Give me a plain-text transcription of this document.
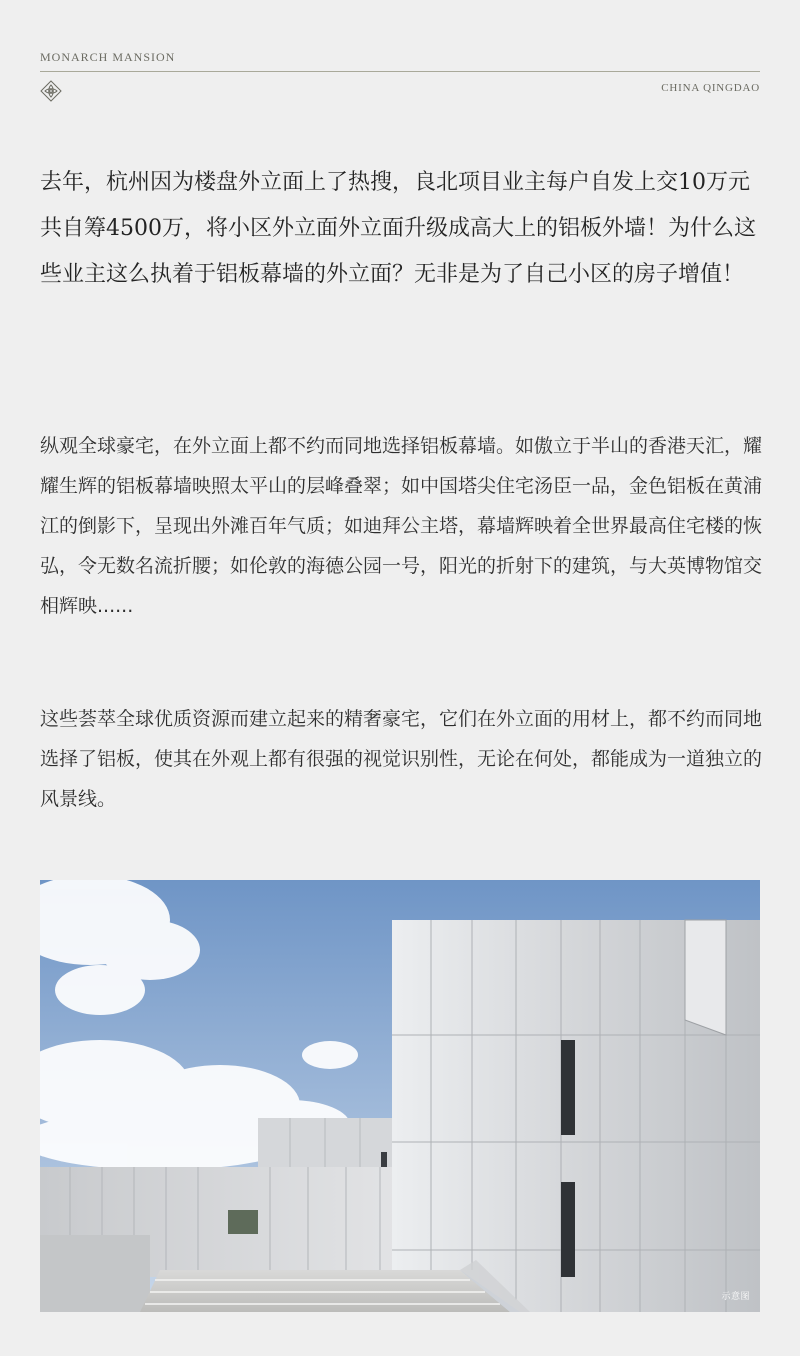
MONARCH MANSION
CHINA QINGDAO

去年，杭州因为楼盘外立面上了热搜，良北项目业主每户自发上交10万元共自筹4500万，将小区外立面外立面升级成高大上的铝板外墙！为什么这些业主这么执着于铝板幕墙的外立面？无非是为了自己小区的房子增值！

纵观全球豪宅，在外立面上都不约而同地选择铝板幕墙。如傲立于半山的香港天汇，耀耀生辉的铝板幕墙映照太平山的层峰叠翠；如中国塔尖住宅汤臣一品，金色铝板在黄浦江的倒影下，呈现出外滩百年气质；如迪拜公主塔，幕墙辉映着全世界最高住宅楼的恢弘，令无数名流折腰；如伦敦的海德公园一号，阳光的折射下的建筑，与大英博物馆交相辉映......

这些荟萃全球优质资源而建立起来的精奢豪宅，它们在外立面的用材上，都不约而同地选择了铝板，使其在外观上都有很强的视觉识别性，无论在何处，都能成为一道独立的风景线。

示意图
